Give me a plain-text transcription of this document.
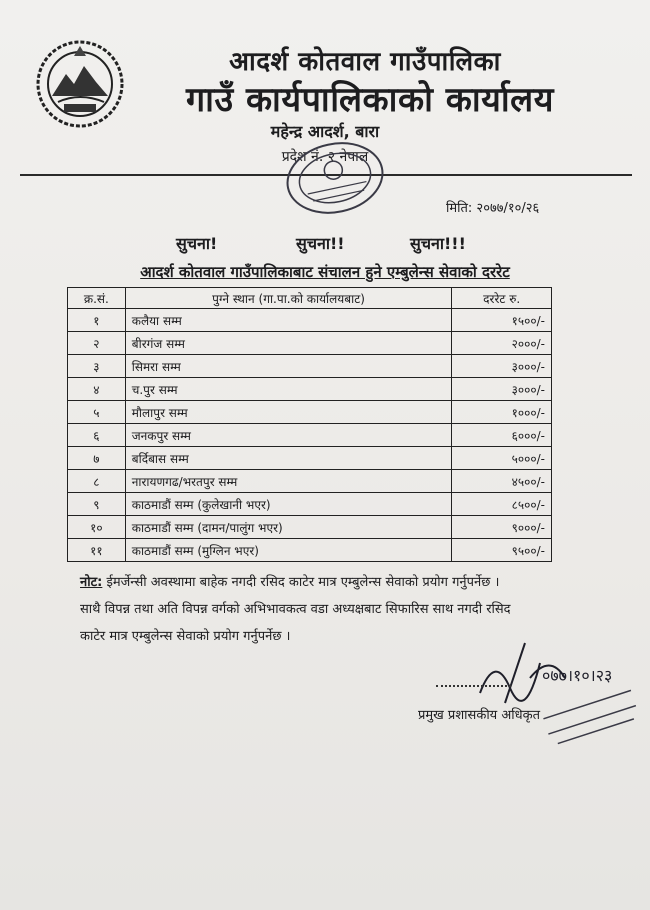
आदर्श कोतवाल गाउँपालिका
गाउँ कार्यपालिकाको कार्यालय
महेन्द्र आदर्श, बारा
प्रदेश नं. २ नेपाल
मिति: २०७७/१०/२६
सुचना!	सुचना!!	सुचना!!!
आदर्श कोतवाल गाउँपालिकाबाट संचालन हुने एम्बुलेन्स सेवाको दररेट
क्र.सं.	पुग्ने स्थान (गा.पा.को कार्यालयबाट)	दररेट रु.
१	कलैया सम्म	१५००/-
२	बीरगंज सम्म	२०००/-
३	सिमरा सम्म	३०००/-
४	च.पुर सम्म	३०००/-
५	मौलापुर सम्म	१०००/-
६	जनकपुर सम्म	६०००/-
७	बर्दिबास सम्म	५०००/-
८	नारायणगढ/भरतपुर सम्म	४५००/-
९	काठमाडौं सम्म (कुलेखानी भएर)	८५००/-
१०	काठमाडौं सम्म (दामन/पालुंग भएर)	९०००/-
११	काठमाडौं सम्म (मुग्लिन भएर)	९५००/-
नोट: ईमर्जेन्सी अवस्थामा बाहेक नगदी रसिद काटेर मात्र एम्बुलेन्स सेवाको प्रयोग गर्नुपर्नेछ ।
साथै विपन्न तथा अति विपन्न वर्गको अभिभावकत्व वडा अध्यक्षबाट सिफारिस साथ नगदी रसिद
काटेर मात्र एम्बुलेन्स सेवाको प्रयोग गर्नुपर्नेछ ।
०७७।१०।२३
प्रमुख प्रशासकीय अधिकृत
